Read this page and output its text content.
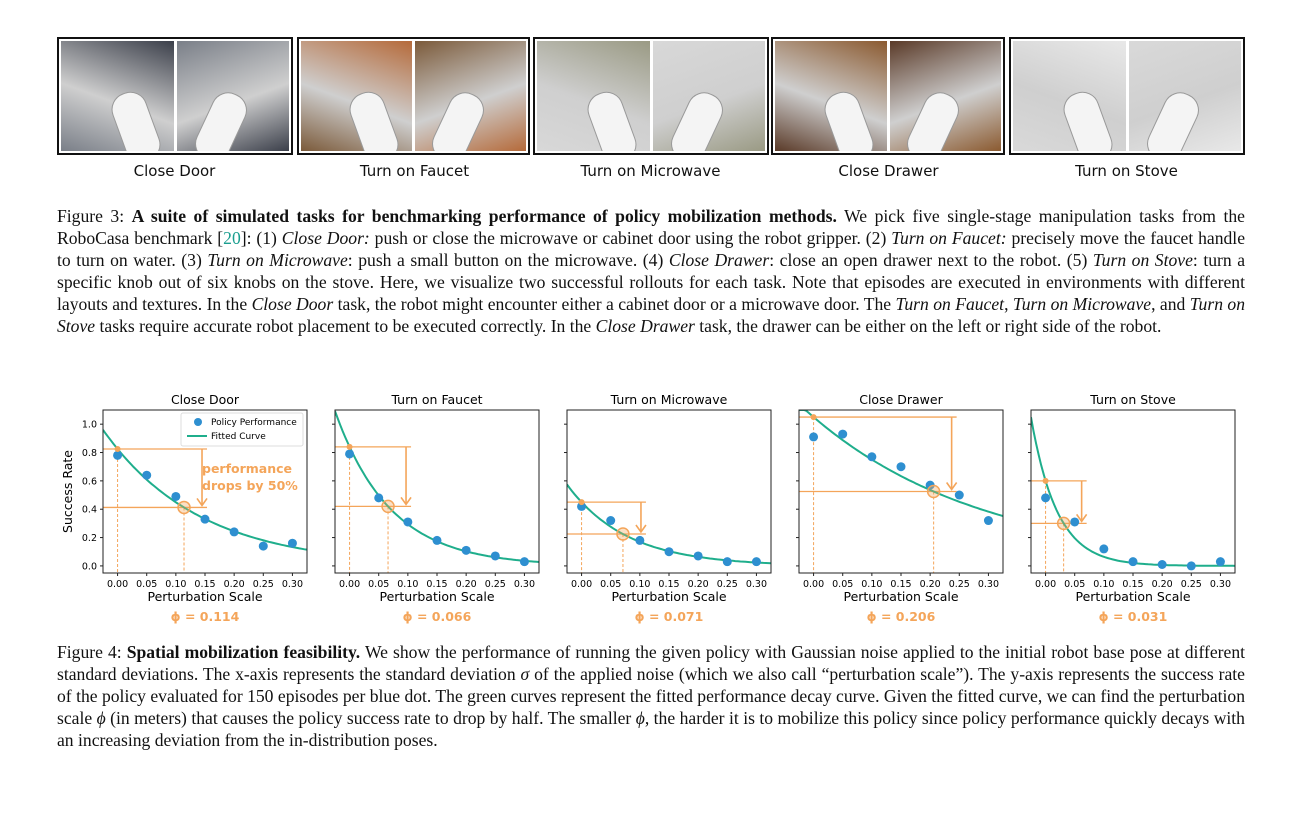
Figure 3: A suite of simulated tasks for benchmarking performance of policy mobilization methods. We pick five single-stage manipulation tasks from the RoboCasa benchmark [20]: (1) Close Door: push or close the microwave or cabinet door using the robot gripper. (2) Turn on Faucet: precisely move the faucet handle to turn on water. (3) Turn on Microwave: push a small button on the microwave. (4) Close Drawer: close an open drawer next to the robot. (5) Turn on Stove: turn a specific knob out of six knobs on the stove. Here, we visualize two successful rollouts for each task. Note that episodes are executed in environments with different layouts and textures. In the Close Door task, the robot might encounter either a cabinet door or a microwave door. The Turn on Faucet, Turn on Microwave, and Turn on Stove tasks require accurate robot placement to be executed correctly. In the Close Drawer task, the drawer can be either on the left or right side of the robot.
Close Door
0.00 0.05 0.10 0.15 0.20 0.25 0.30
0.0
0.2
0.4
0.6
0.8
1.0
Perturbation Scale
ϕ = 0.114
Success Rate
Policy Performance
Fitted Curve
performance
drops by 50%
Turn on Faucet
0.00 0.05 0.10 0.15 0.20 0.25 0.30
Perturbation Scale
ϕ = 0.066
Turn on Microwave
0.00 0.05 0.10 0.15 0.20 0.25 0.30
Perturbation Scale
ϕ = 0.071
Close Drawer
0.00 0.05 0.10 0.15 0.20 0.25 0.30
Perturbation Scale
ϕ = 0.206
Turn on Stove
0.00 0.05 0.10 0.15 0.20 0.25 0.30
Perturbation Scale
ϕ = 0.031
Figure 4: Spatial mobilization feasibility. We show the performance of running the given policy with Gaussian noise applied to the initial robot base pose at different standard deviations. The x-axis represents the standard deviation σ of the applied noise (which we also call “perturbation scale”). The y-axis represents the success rate of the policy evaluated for 150 episodes per blue dot. The green curves represent the fitted performance decay curve. Given the fitted curve, we can find the perturbation scale ϕ (in meters) that causes the policy success rate to drop by half. The smaller ϕ, the harder it is to mobilize this policy since policy performance quickly decays with an increasing deviation from the in-distribution poses.
Close Door	Turn on Faucet	Turn on Microwave	Close Drawer	Turn on Stove
